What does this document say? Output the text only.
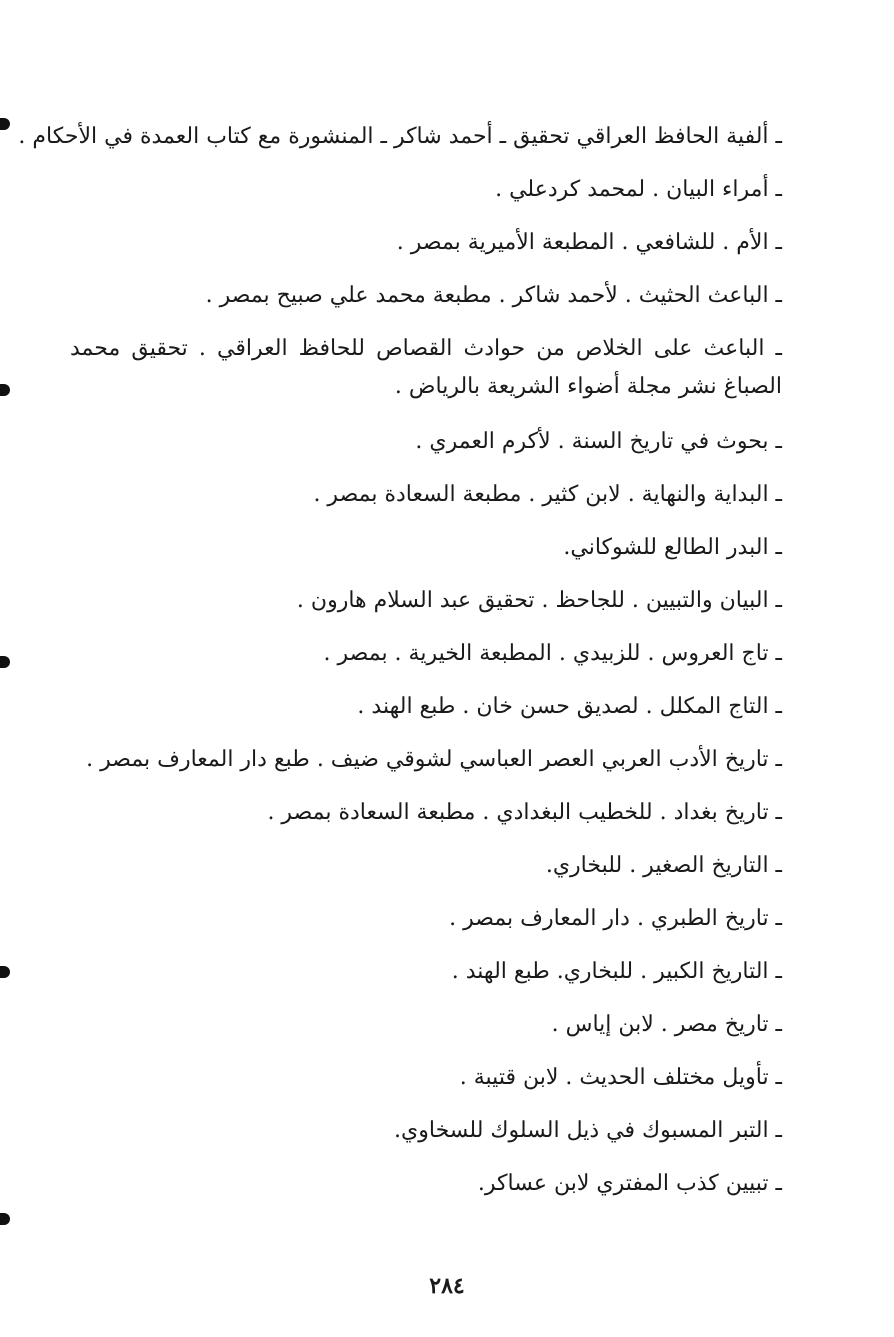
ـ ألفية الحافظ العراقي تحقيق ـ أحمد شاكر ـ المنشورة مع كتاب العمدة في الأحكام .
ـ أمراء البيان . لمحمد كردعلي .
ـ الأم . للشافعي . المطبعة الأميرية بمصر .
ـ الباعث الحثيث . لأحمد شاكر . مطبعة محمد علي صبيح بمصر .
ـ الباعث على الخلاص من حوادث القصاص للحافظ العراقي . تحقيق محمد الصباغ نشر مجلة أضواء الشريعة بالرياض .
ـ بحوث في تاريخ السنة . لأكرم العمري .
ـ البداية والنهاية . لابن كثير . مطبعة السعادة بمصر .
ـ البدر الطالع للشوكاني.
ـ البيان والتبيين . للجاحظ . تحقيق عبد السلام هارون .
ـ تاج العروس . للزبيدي . المطبعة الخيرية . بمصر .
ـ التاج المكلل . لصديق حسن خان . طبع الهند .
ـ تاريخ الأدب العربي العصر العباسي لشوقي ضيف . طبع دار المعارف بمصر .
ـ تاريخ بغداد . للخطيب البغدادي . مطبعة السعادة بمصر .
ـ التاريخ الصغير . للبخاري.
ـ تاريخ الطبري . دار المعارف بمصر .
ـ التاريخ الكبير . للبخاري. طبع الهند .
ـ تاريخ مصر . لابن إياس .
ـ تأويل مختلف الحديث . لابن قتيبة .
ـ التبر المسبوك في ذيل السلوك للسخاوي.
ـ تبيين كذب المفتري لابن عساكر.
٢٨٤
